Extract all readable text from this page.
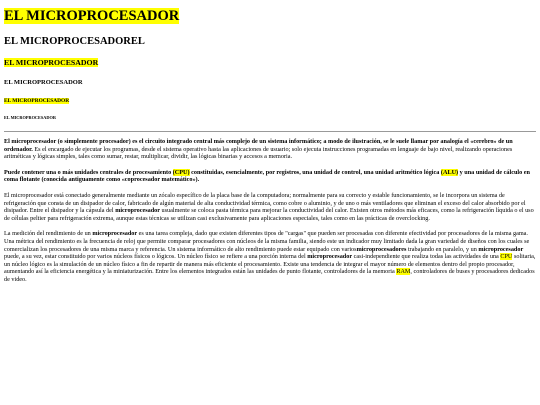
EL MICROPROCESADOR
EL MICROPROCESADOREL
EL MICROPROCESADOR
EL MICROPROCESADOR
EL MICROPROCESADOR
EL MICROPROCESADOR

El microprocesador (o simplemente procesador) es el circuito integrado central más complejo de un sistema informático; a modo de ilustración, se le suele llamar por analogía el «cerebro» de un ordenador. Es el encargado de ejecutar los programas, desde el sistema operativo hasta las aplicaciones de usuario; solo ejecuta instrucciones programadas en lenguaje de bajo nivel, realizando operaciones aritméticas y lógicas simples, tales como sumar, restar, multiplicar, dividir, las lógicas binarias y accesos a memoria.

Puede contener una o más unidades centrales de procesamiento (CPU) constituidas, esencialmente, por registros, una unidad de control, una unidad aritmético lógica (ALU) y una unidad de cálculo en coma flotante (conocida antiguamente como «coprocesador matemático»).

El microprocesador está conectado generalmente mediante un zócalo específico de la placa base de la computadora; normalmente para su correcto y estable funcionamiento, se le incorpora un sistema de refrigeración que consta de un disipador de calor, fabricado de algún material de alta conductividad térmica, como cobre o aluminio, y de uno o más ventiladores que eliminan el exceso del calor absorbido por el disipador. Entre el disipador y la cápsula del microprocesador usualmente se coloca pasta térmica para mejorar la conductividad del calor. Existen otros métodos más eficaces, como la refrigeración líquida o el uso de células peltier para refrigeración extrema, aunque estas técnicas se utilizan casi exclusivamente para aplicaciones especiales, tales como en las prácticas de overclocking.

La medición del rendimiento de un microprocesador es una tarea compleja, dado que existen diferentes tipos de "cargas" que pueden ser procesadas con diferente efectividad por procesadores de la misma gama. Una métrica del rendimiento es la frecuencia de reloj que permite comparar procesadores con núcleos de la misma familia, siendo este un indicador muy limitado dada la gran variedad de diseños con los cuales se comercializan los procesadores de una misma marca y referencia. Un sistema informático de alto rendimiento puede estar equipado con variosmicroprocesadores trabajando en paralelo, y un microprocesador puede, a su vez, estar constituido por varios núcleos físicos o lógicos. Un núcleo físico se refiere a una porción interna del microprocesador casi-independiente que realiza todas las actividades de una CPU solitaria, un núcleo lógico es la simulación de un núcleo físico a fin de repartir de manera más eficiente el procesamiento. Existe una tendencia de integrar el mayor número de elementos dentro del propio procesador, aumentando así la eficiencia energética y la miniaturización. Entre los elementos integrados están las unidades de punto flotante, controladores de la memoria RAM, controladores de buses y procesadores dedicados de video.
